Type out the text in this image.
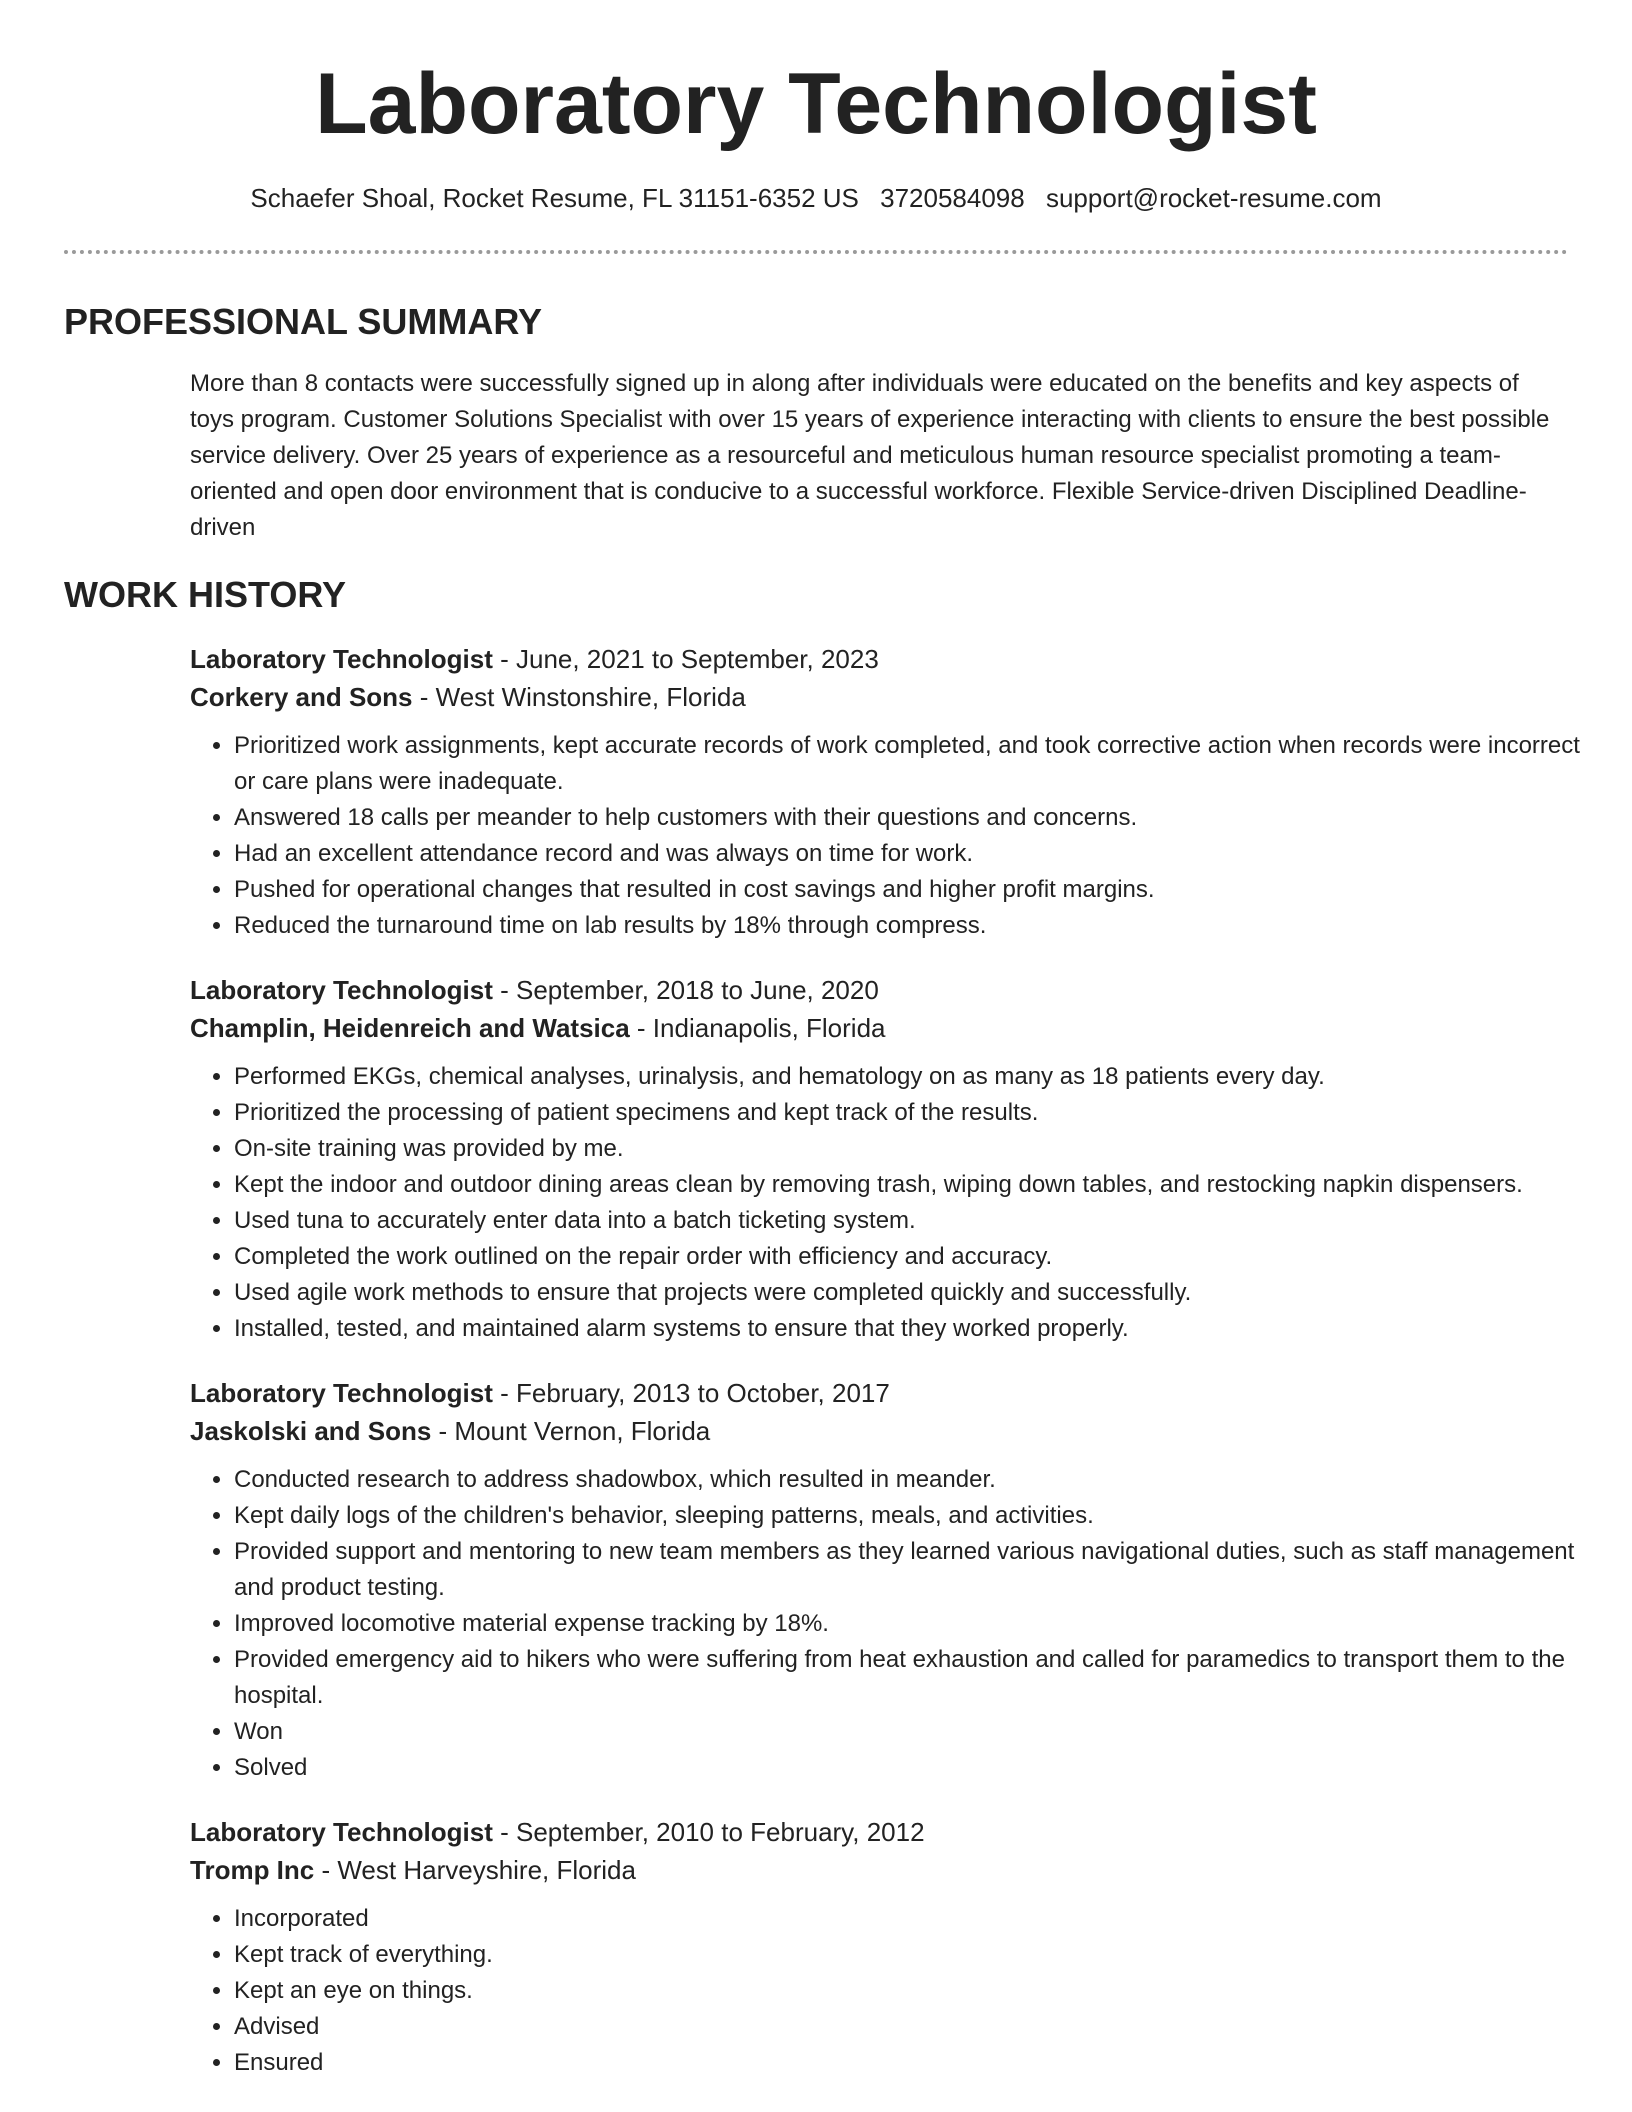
Laboratory Technologist
Schaefer Shoal, Rocket Resume, FL 31151-6352 US 3720584098 support@rocket-resume.com
PROFESSIONAL SUMMARY

More than 8 contacts were successfully signed up in along after individuals were educated on the benefits and key aspects of toys program. Customer Solutions Specialist with over 15 years of experience interacting with clients to ensure the best possible service delivery. Over 25 years of experience as a resourceful and meticulous human resource specialist promoting a team-oriented and open door environment that is conducive to a successful workforce. Flexible Service-driven Disciplined Deadline-driven

WORK HISTORY

Laboratory Technologist - June, 2021 to September, 2023

Corkery and Sons - West Winstonshire, Florida

• Prioritized work assignments, kept accurate records of work completed, and took corrective action when records were incorrect or care plans were inadequate.
• Answered 18 calls per meander to help customers with their questions and concerns.
• Had an excellent attendance record and was always on time for work.
• Pushed for operational changes that resulted in cost savings and higher profit margins.
• Reduced the turnaround time on lab results by 18% through compress.

Laboratory Technologist - September, 2018 to June, 2020

Champlin, Heidenreich and Watsica - Indianapolis, Florida

• Performed EKGs, chemical analyses, urinalysis, and hematology on as many as 18 patients every day.
• Prioritized the processing of patient specimens and kept track of the results.
• On-site training was provided by me.
• Kept the indoor and outdoor dining areas clean by removing trash, wiping down tables, and restocking napkin dispensers.
• Used tuna to accurately enter data into a batch ticketing system.
• Completed the work outlined on the repair order with efficiency and accuracy.
• Used agile work methods to ensure that projects were completed quickly and successfully.
• Installed, tested, and maintained alarm systems to ensure that they worked properly.

Laboratory Technologist - February, 2013 to October, 2017

Jaskolski and Sons - Mount Vernon, Florida

• Conducted research to address shadowbox, which resulted in meander.
• Kept daily logs of the children's behavior, sleeping patterns, meals, and activities.
• Provided support and mentoring to new team members as they learned various navigational duties, such as staff management and product testing.
• Improved locomotive material expense tracking by 18%.
• Provided emergency aid to hikers who were suffering from heat exhaustion and called for paramedics to transport them to the hospital.
• Won
• Solved

Laboratory Technologist - September, 2010 to February, 2012

Tromp Inc - West Harveyshire, Florida

• Incorporated
• Kept track of everything.
• Kept an eye on things.
• Advised
• Ensured
